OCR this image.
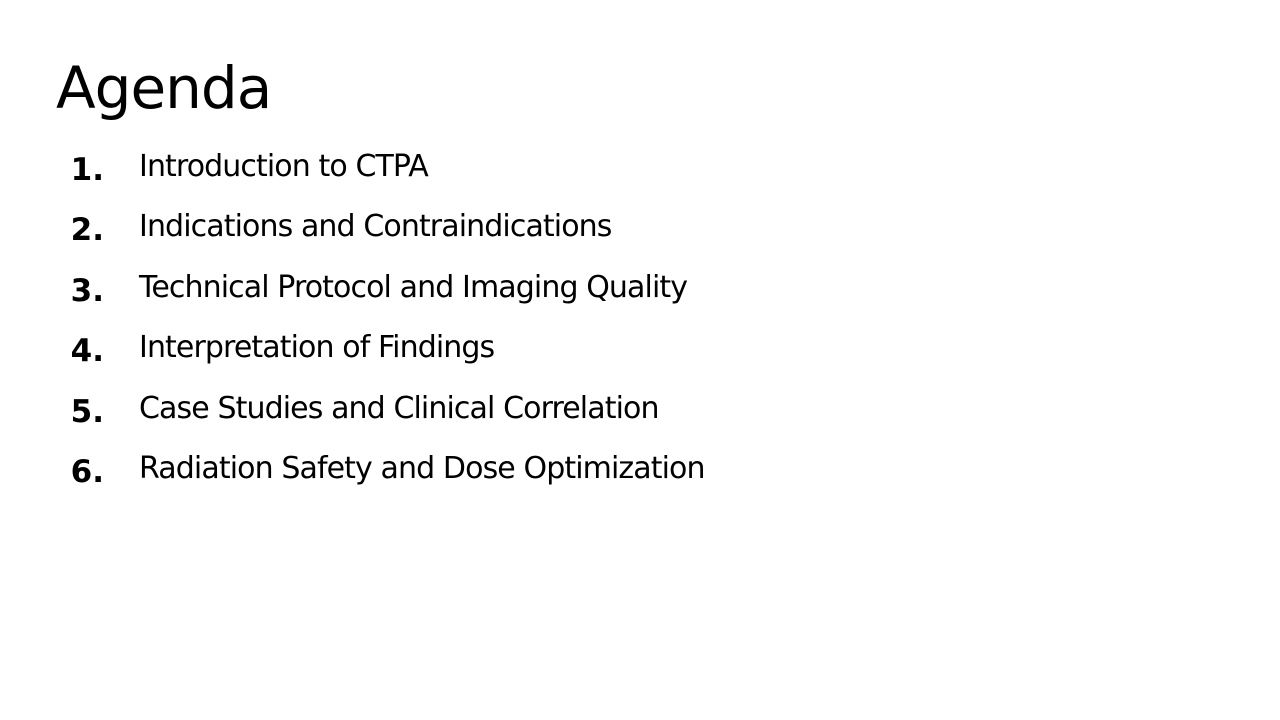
Agenda
1. Introduction to CTPA
2. Indications and Contraindications
3. Technical Protocol and Imaging Quality
4. Interpretation of Findings
5. Case Studies and Clinical Correlation
6. Radiation Safety and Dose Optimization
